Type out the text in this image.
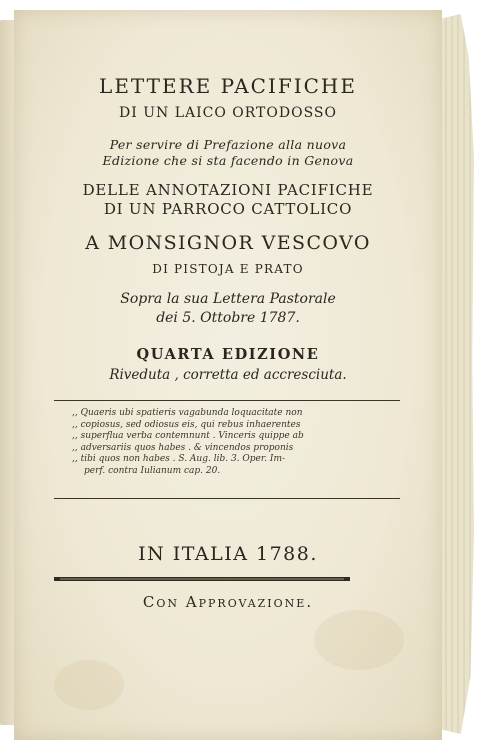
LETTERE PACIFICHE

DI UN LAICO ORTODOSSO

Per servire di Prefazione alla nuova

Edizione che si sta facendo in Genova

DELLE ANNOTAZIONI PACIFICHE

DI UN PARROCO CATTOLICO

A MONSIGNOR VESCOVO

DI PISTOJA E PRATO

Sopra la sua Lettera Pastorale

dei 5. Ottobre 1787.

QUARTA EDIZIONE

Riveduta , corretta ed accresciuta.

,, Quaeris ubi spatieris vagabunda loquacitate non
,, copiosus, sed odiosus eis, qui rebus inhaerentes
,, superflua verba contemnunt . Vinceris quippe ab
,, adversariis quos habes . & vincendos proponis
,, tibi quos non habes . S. Aug. lib. 3. Oper. Im-
perf. contra Iulianum cap. 20.

IN ITALIA 1788.

Con Approvazione.
